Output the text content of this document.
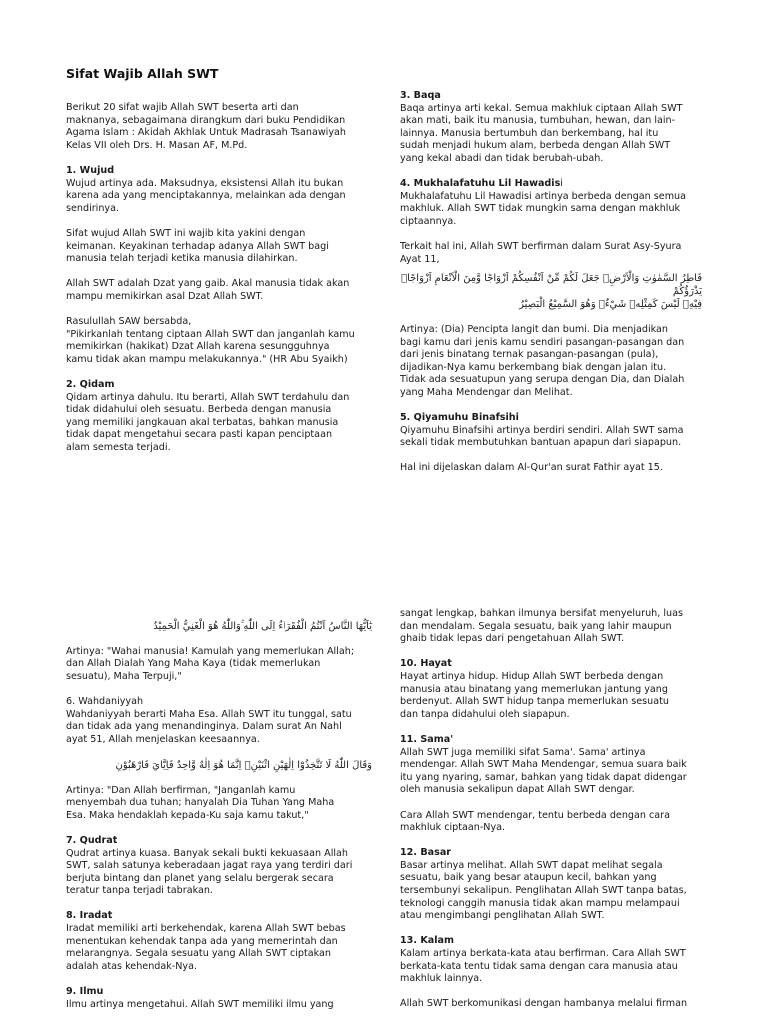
Sifat Wajib Allah SWT

Berikut 20 sifat wajib Allah SWT beserta arti dan
maknanya, sebagaimana dirangkum dari buku Pendidikan
Agama Islam : Akidah Akhlak Untuk Madrasah Tsanawiyah
Kelas VII oleh Drs. H. Masan AF, M.Pd.

1. Wujud

Wujud artinya ada. Maksudnya, eksistensi Allah itu bukan
karena ada yang menciptakannya, melainkan ada dengan
sendirinya.

Sifat wujud Allah SWT ini wajib kita yakini dengan
keimanan. Keyakinan terhadap adanya Allah SWT bagi
manusia telah terjadi ketika manusia dilahirkan.

Allah SWT adalah Dzat yang gaib. Akal manusia tidak akan
mampu memikirkan asal Dzat Allah SWT.

Rasulullah SAW bersabda,
"Pikirkanlah tentang ciptaan Allah SWT dan janganlah kamu
memikirkan (hakikat) Dzat Allah karena sesungguhnya
kamu tidak akan mampu melakukannya." (HR Abu Syaikh)

2. Qidam

Qidam artinya dahulu. Itu berarti, Allah SWT terdahulu dan
tidak didahului oleh sesuatu. Berbeda dengan manusia
yang memiliki jangkauan akal terbatas, bahkan manusia
tidak dapat mengetahui secara pasti kapan penciptaan
alam semesta terjadi.

3. Baqa

Baqa artinya arti kekal. Semua makhluk ciptaan Allah SWT
akan mati, baik itu manusia, tumbuhan, hewan, dan lain-
lainnya. Manusia bertumbuh dan berkembang, hal itu
sudah menjadi hukum alam, berbeda dengan Allah SWT
yang kekal abadi dan tidak berubah-ubah.

4. Mukhalafatuhu Lil Hawadisi

Mukhalafatuhu Lil Hawadisi artinya berbeda dengan semua
makhluk. Allah SWT tidak mungkin sama dengan makhluk
ciptaannya.

Terkait hal ini, Allah SWT berfirman dalam Surat Asy-Syura
Ayat 11,

فَاطِرُ السَّمٰوٰتِ وَالْاَرْضِۗ جَعَلَ لَكُمْ مِّنْ اَنْفُسِكُمْ اَزْوَاجًا وَّمِنَ الْاَنْعَامِ اَزْوَاجًاۚ يَذْرَؤُكُمْ
فِيْهِۗ لَيْسَ كَمِثْلِهٖ شَيْءٌۚ وَهُوَ السَّمِيْعُ الْبَصِيْرُ

Artinya: (Dia) Pencipta langit dan bumi. Dia menjadikan
bagi kamu dari jenis kamu sendiri pasangan-pasangan dan
dari jenis binatang ternak pasangan-pasangan (pula),
dijadikan-Nya kamu berkembang biak dengan jalan itu.
Tidak ada sesuatupun yang serupa dengan Dia, dan Dialah
yang Maha Mendengar dan Melihat.

5. Qiyamuhu Binafsihi

Qiyamuhu Binafsihi artinya berdiri sendiri. Allah SWT sama
sekali tidak membutuhkan bantuan apapun dari siapapun.

Hal ini dijelaskan dalam Al-Qur'an surat Fathir ayat 15.

يٰٓاَيُّهَا النَّاسُ اَنْتُمُ الْفُقَرَاۤءُ اِلَى اللّٰهِ ۚوَاللّٰهُ هُوَ الْغَنِيُّ الْحَمِيْدُ

Artinya: "Wahai manusia! Kamulah yang memerlukan Allah;
dan Allah Dialah Yang Maha Kaya (tidak memerlukan
sesuatu), Maha Terpuji,"

6. Wahdaniyyah

Wahdaniyyah berarti Maha Esa. Allah SWT itu tunggal, satu
dan tidak ada yang menandinginya. Dalam surat An Nahl
ayat 51, Allah menjelaskan keesaannya.

وَقَالَ اللّٰهُ لَا تَتَّخِذُوْٓا اِلٰهَيْنِ اثْنَيْنِۚ اِنَّمَا هُوَ اِلٰهٌ وَّاحِدٌ فَاِيَّايَ فَارْهَبُوْنِ

Artinya: "Dan Allah berfirman, "Janganlah kamu
menyembah dua tuhan; hanyalah Dia Tuhan Yang Maha
Esa. Maka hendaklah kepada-Ku saja kamu takut,"

7. Qudrat

Qudrat artinya kuasa. Banyak sekali bukti kekuasaan Allah
SWT, salah satunya keberadaan jagat raya yang terdiri dari
berjuta bintang dan planet yang selalu bergerak secara
teratur tanpa terjadi tabrakan.

8. Iradat

Iradat memiliki arti berkehendak, karena Allah SWT bebas
menentukan kehendak tanpa ada yang memerintah dan
melarangnya. Segala sesuatu yang Allah SWT ciptakan
adalah atas kehendak-Nya.

9. Ilmu

Ilmu artinya mengetahui. Allah SWT memiliki ilmu yang

sangat lengkap, bahkan ilmunya bersifat menyeluruh, luas
dan mendalam. Segala sesuatu, baik yang lahir maupun
ghaib tidak lepas dari pengetahuan Allah SWT.

10. Hayat

Hayat artinya hidup. Hidup Allah SWT berbeda dengan
manusia atau binatang yang memerlukan jantung yang
berdenyut. Allah SWT hidup tanpa memerlukan sesuatu
dan tanpa didahului oleh siapapun.

11. Sama'

Allah SWT juga memiliki sifat Sama'. Sama' artinya
mendengar. Allah SWT Maha Mendengar, semua suara baik
itu yang nyaring, samar, bahkan yang tidak dapat didengar
oleh manusia sekalipun dapat Allah SWT dengar.

Cara Allah SWT mendengar, tentu berbeda dengan cara
makhluk ciptaan-Nya.

12. Basar

Basar artinya melihat. Allah SWT dapat melihat segala
sesuatu, baik yang besar ataupun kecil, bahkan yang
tersembunyi sekalipun. Penglihatan Allah SWT tanpa batas,
teknologi canggih manusia tidak akan mampu melampaui
atau mengimbangi penglihatan Allah SWT.

13. Kalam

Kalam artinya berkata-kata atau berfirman. Cara Allah SWT
berkata-kata tentu tidak sama dengan cara manusia atau
makhluk lainnya.

Allah SWT berkomunikasi dengan hambanya melalui firman
